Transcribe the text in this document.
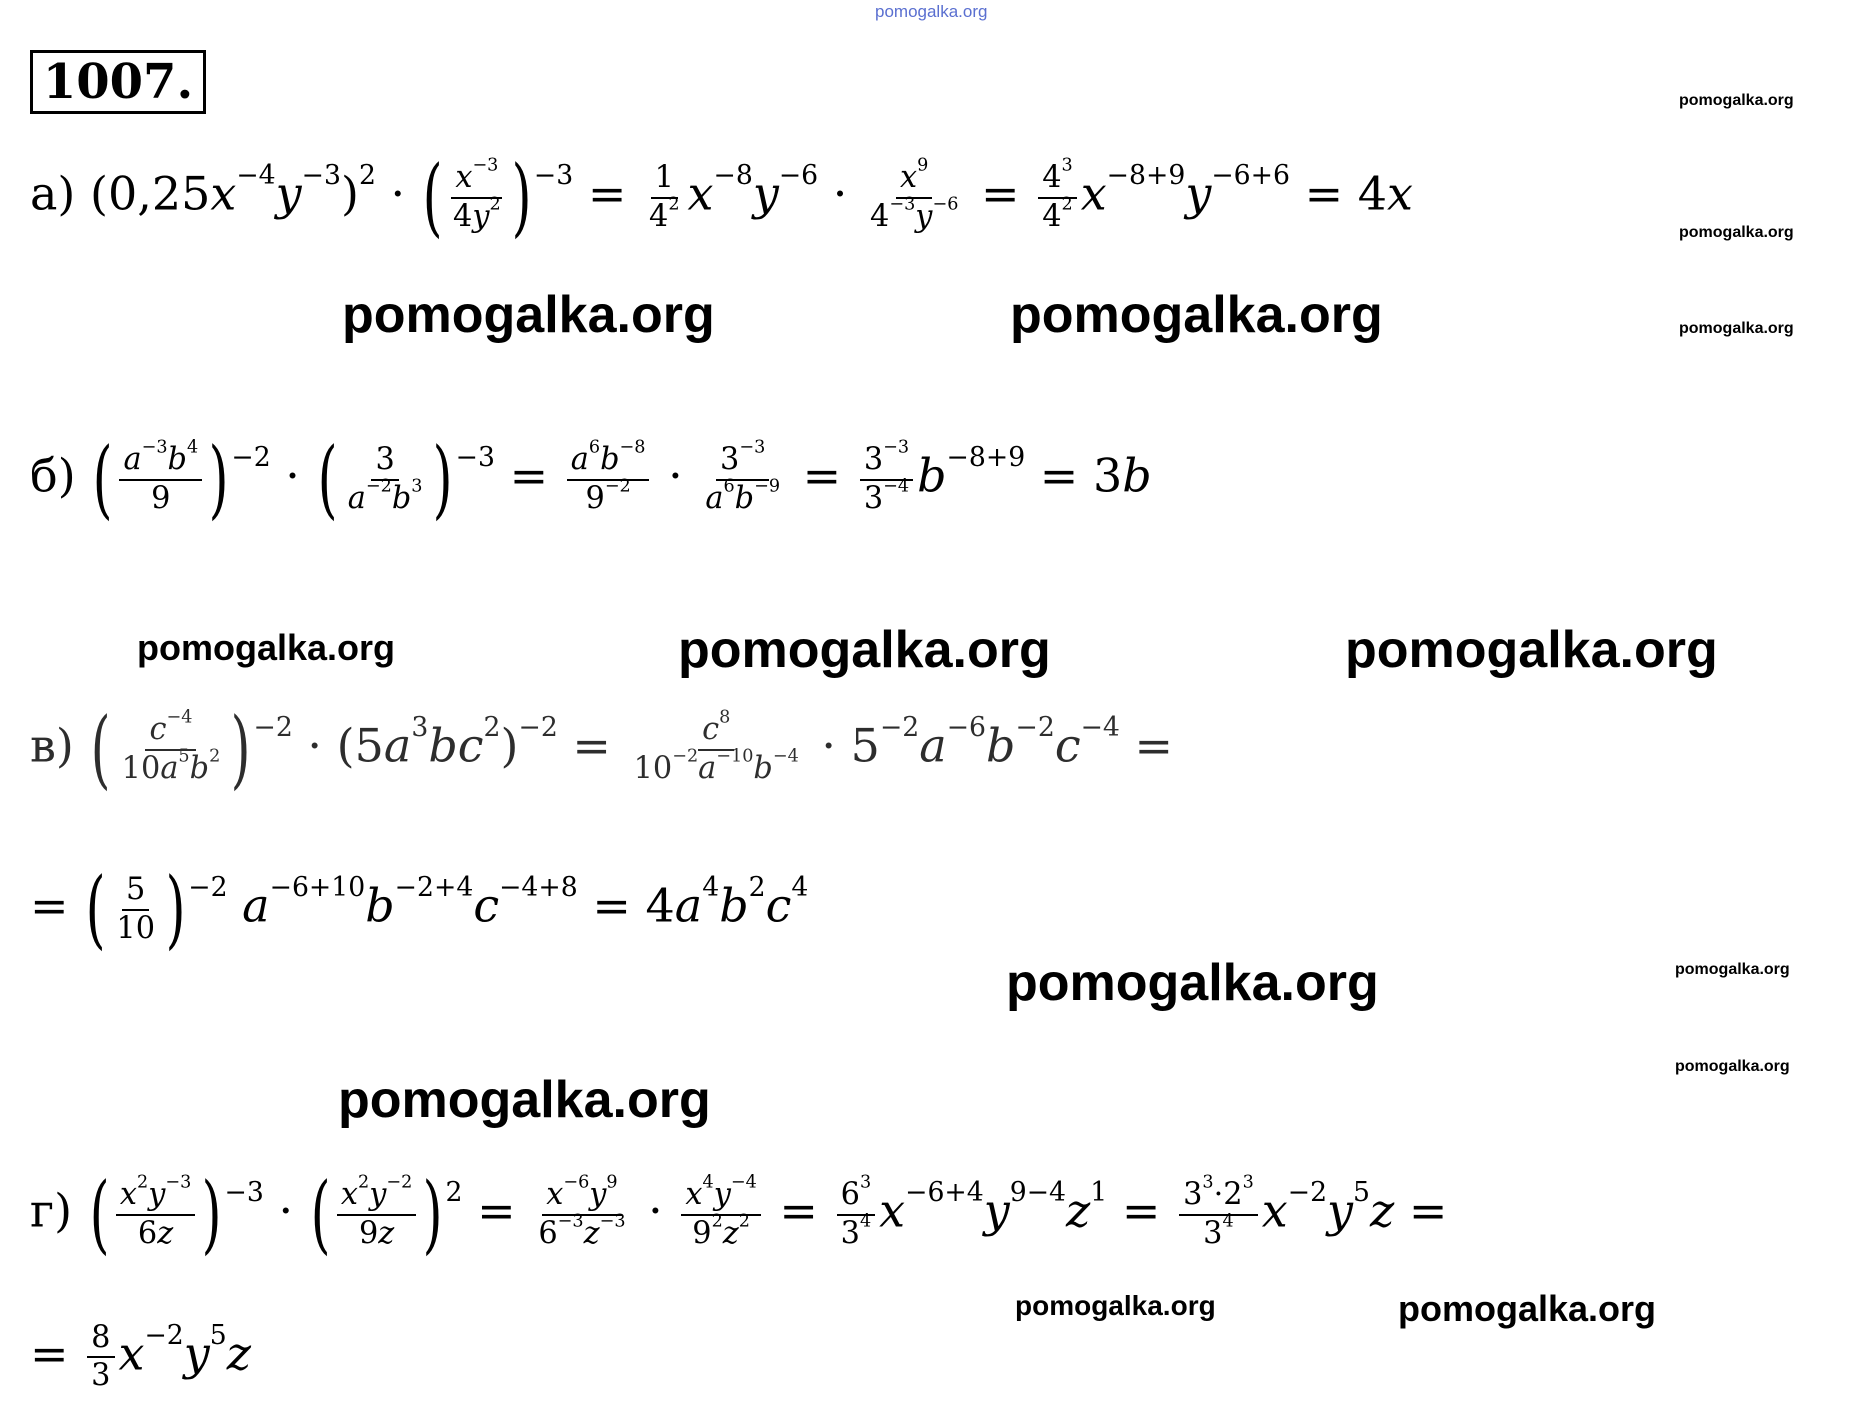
pomogalka.org
pomogalka.org
pomogalka.org
pomogalka.org
pomogalka.org
pomogalka.org
pomogalka.org	pomogalka.org
pomogalka.org	pomogalka.org	pomogalka.org
pomogalka.org
pomogalka.org
pomogalka.org	pomogalka.org
1007.
а) $(0,25x^{-4}y^{-3})^2$ · ( $\frac{x^{-3}}{4y^2} )^{-3} = \frac{1}{4^2} x^{-8}y^{-6} \cdot \frac{x^9}{4^{-3}y^{-6}} = \frac{4^3}{4^2} x^{-8+9}y^{-6+6} = 4x$
б) ( $\frac{a^{-3}b^4}{9} )^{-2}$ · ( $\frac{3}{a^{-2}b^3} )^{-3} = \frac{a^6b^{-8}}{9^{-2}} \cdot \frac{3^{-3}}{a^6b^{-9}} = \frac{3^{-3}}{3^{-4}} b^{-8+9} = 3b$
в) ( $\frac{c^{-4}}{10a^5b^2} )^{-2} \cdot (5a^3bc^2)^{-2} = \frac{c^8}{10^{-2}a^{-10}b^{-4}} \cdot 5^{-2}a^{-6}b^{-2}c^{-4}$ =
= ( $\frac{5}{10} )^{-2}$ $a^{-6+10}b^{-2+4}c^{-4+8} = 4a^4b^2c^4$
г) ( $\frac{x^2y^{-3}}{6z} )^{-3}$ · ( $\frac{x^2y^{-2}}{9z} )^2 = \frac{x^{-6}y^9}{6^{-3}z^{-3}} \cdot \frac{x^4y^{-4}}{9^2z^2} = \frac{6^3}{3^4} x^{-6+4}y^{9-4}z^1 = \frac{3^3\cdot 2^3}{3^4} x^{-2}y^5z$ =
= $\frac{8}{3} x^{-2}y^5z$
